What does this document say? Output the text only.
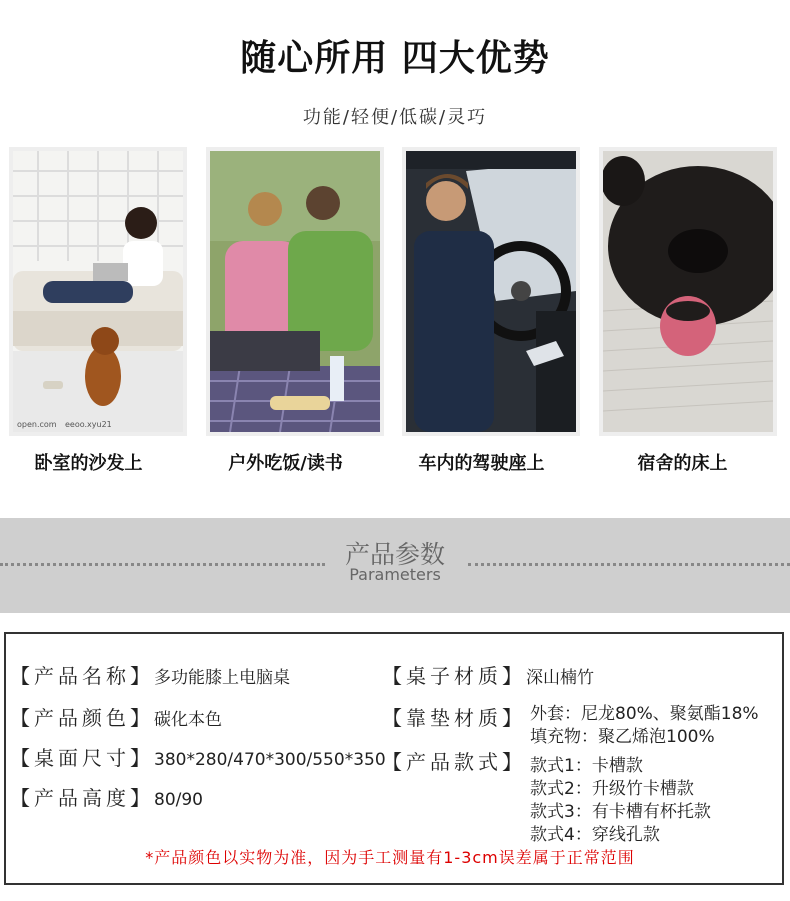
随心所用 四大优势
功能/轻便/低碳/灵巧
open.com eeoo.xyu21
卧室的沙发上	户外吃饭/读书	车内的驾驶座上	宿舍的床上
产品参数
Parameters
【产品名称】多功能膝上电脑桌
【产品颜色】碳化本色
【桌面尺寸】380*280/470*300/550*350
【产品高度】80/90
【桌子材质】深山楠竹
【靠垫材质】 外套：尼龙80%、聚氨酯18%
填充物：聚乙烯泡100%
【产品款式】 款式1：卡槽款
款式2：升级竹卡槽款
款式3：有卡槽有杯托款
款式4：穿线孔款
*产品颜色以实物为准，因为手工测量有1-3cm误差属于正常范围
